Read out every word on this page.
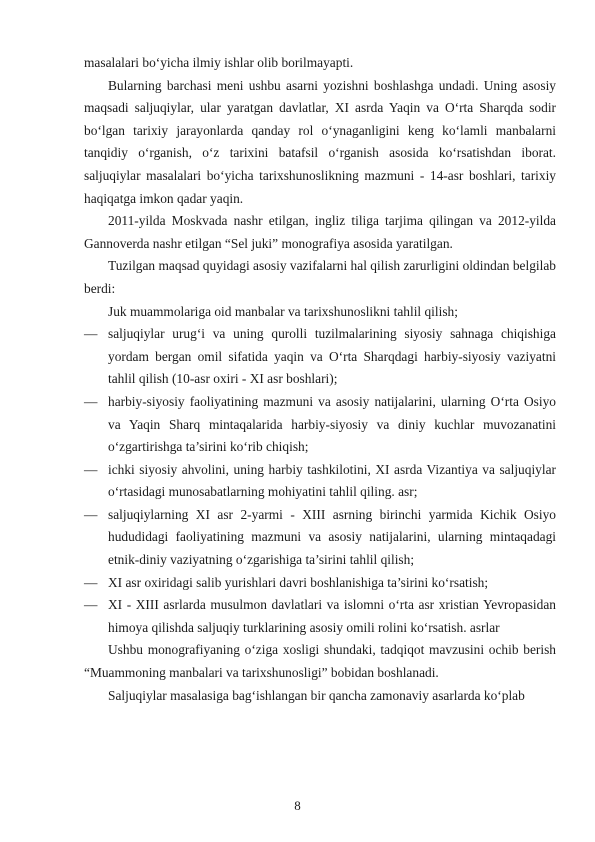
masalalari bo‘yicha ilmiy ishlar olib borilmayapti.

Bularning barchasi meni ushbu asarni yozishni boshlashga undadi. Uning asosiy maqsadi saljuqiylar, ular yaratgan davlatlar, XI asrda Yaqin va O‘rta Sharqda sodir bo‘lgan tarixiy jarayonlarda qanday rol o‘ynaganligini keng ko‘lamli manbalarni tanqidiy o‘rganish, o‘z tarixini batafsil o‘rganish asosida ko‘rsatishdan iborat. saljuqiylar masalalari bo‘yicha tarixshunoslikning mazmuni - 14-asr boshlari, tarixiy haqiqatga imkon qadar yaqin.

2011-yilda Moskvada nashr etilgan, ingliz tiliga tarjima qilingan va 2012-yilda Gannoverda nashr etilgan “Sel juki” monografiya asosida yaratilgan.

Tuzilgan maqsad quyidagi asosiy vazifalarni hal qilish zarurligini oldindan belgilab berdi:

Juk muammolariga oid manbalar va tarixshunoslikni tahlil qilish;

— saljuqiylar urug‘i va uning qurolli tuzilmalarining siyosiy sahnaga chiqishiga yordam bergan omil sifatida yaqin va O‘rta Sharqdagi harbiy-siyosiy vaziyatni tahlil qilish (10-asr oxiri - XI asr boshlari);
— harbiy-siyosiy faoliyatining mazmuni va asosiy natijalarini, ularning O‘rta Osiyo va Yaqin Sharq mintaqalarida harbiy-siyosiy va diniy kuchlar muvozanatini o‘zgartirishga ta’sirini ko‘rib chiqish;
— ichki siyosiy ahvolini, uning harbiy tashkilotini, XI asrda Vizantiya va saljuqiylar o‘rtasidagi munosabatlarning mohiyatini tahlil qiling. asr;
— saljuqiylarning XI asr 2-yarmi - XIII asrning birinchi yarmida Kichik Osiyo hududidagi faoliyatining mazmuni va asosiy natijalarini, ularning mintaqadagi etnik-diniy vaziyatning o‘zgarishiga ta’sirini tahlil qilish;
— XI asr oxiridagi salib yurishlari davri boshlanishiga ta’sirini ko‘rsatish;
— XI - XIII asrlarda musulmon davlatlari va islomni o‘rta asr xristian Yevropasidan himoya qilishda saljuqiy turklarining asosiy omili rolini ko‘rsatish. asrlar

Ushbu monografiyaning o‘ziga xosligi shundaki, tadqiqot mavzusini ochib berish “Muammoning manbalari va tarixshunosligi” bobidan boshlanadi.

Saljuqiylar masalasiga bag‘ishlangan bir qancha zamonaviy asarlarda ko‘plab

8
